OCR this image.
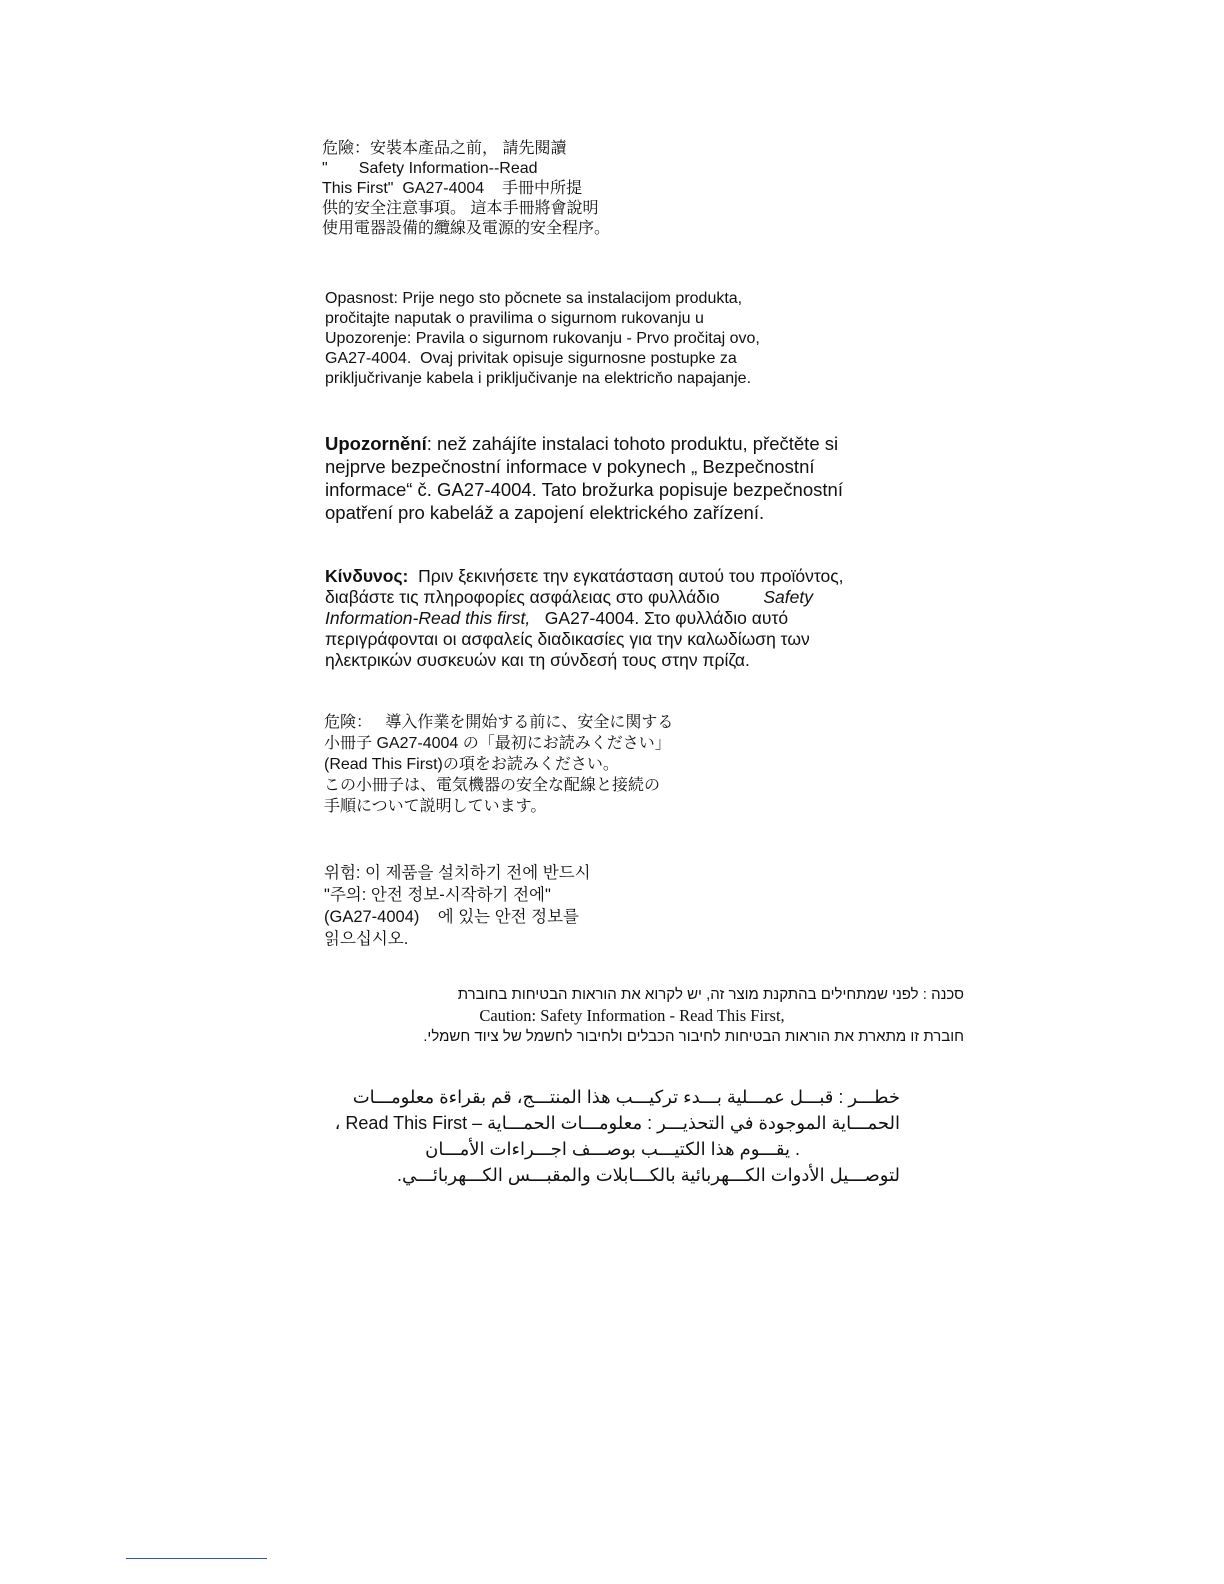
危險：安裝本產品之前， 請先閱讀

"       Safety Information--Read

This First"  GA27-4004    手冊中所提

供的安全注意事項。 這本手冊將會說明

使用電器設備的纜線及電源的安全程序。

Opasnost: Prije nego sto pǒcnete sa instalacijom produkta,

pročitajte naputak o pravilima o sigurnom rukovanju u

Upozorenje: Pravila o sigurnom rukovanju - Prvo pročitaj ovo,

GA27-4004.  Ovaj privitak opisuje sigurnosne postupke za

priključrivanje kabela i priključivanje na elektricňo napajanje.

Upozornění: než zahájíte instalaci tohoto produktu, přečtěte si

nejprve bezpečnostní informace v pokynech „ Bezpečnostní

informace“ č. GA27-4004. Tato brožurka popisuje bezpečnostní

opatření pro kabeláž a zapojení elektrického zařízení.

Κίνδυνος:  Πριν ξεκινήσετε την εγκατάσταση αυτού του προϊόντος,

διαβάστε τις πληροφορίες ασφάλειας στο φυλλάδιο         Safety

Information-Read this first,   GA27-4004. Στο φυλλάδιο αυτό

περιγράφονται οι ασφαλείς διαδικασίες για την καλωδίωση των

ηλεκτρικών συσκευών και τη σύνδεσή τους στην πρίζα.

危険：   導入作業を開始する前に、安全に関する

小冊子 GA27-4004 の「最初にお読みください」

(Read This First)の項をお読みください。

この小冊子は、電気機器の安全な配線と接続の

手順について説明しています。

위험: 이 제품을 설치하기 전에 반드시

"주의: 안전 정보-시작하기 전에"

(GA27-4004)    에 있는 안전 정보를

읽으십시오.

סכנה : לפני שמתחילים בהתקנת מוצר זה, יש לקרוא את הוראות הבטיחות בחוברת

Caution: Safety Information - Read This First,

חוברת זו מתארת את הוראות הבטיחות לחיבור הכבלים ולחיבור לחשמל של ציוד חשמלי.

خطـــر : قبـــل عمـــلية بـــدء تركيـــب هذا المنتـــج، قم بقراءة معلومـــات

الحمـــاية الموجودة في التحذيـــر : معلومـــات الحمـــاية – Read This First ،

. يقـــوم هذا الكتيـــب بوصـــف اجـــراءات الأمـــان

لتوصـــيل الأدوات الكـــهربائية بالكـــابلات والمقبـــس الكـــهربائـــي.
